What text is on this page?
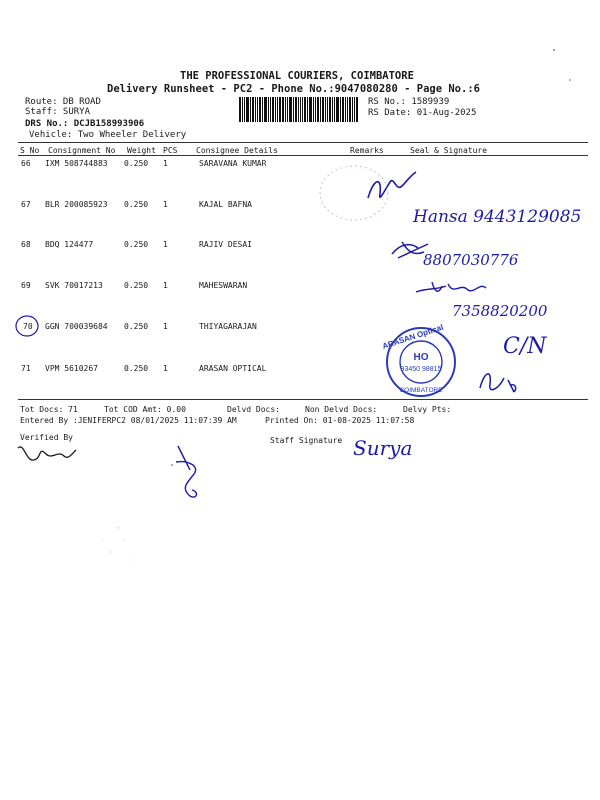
THE PROFESSIONAL COURIERS, COIMBATORE
Delivery Runsheet - PC2 - Phone No.:9047080280 - Page No.:6
Route: DB ROAD
Staff: SURYA
DRS No.: DCJB158993906
Vehicle: Two Wheeler Delivery
RS No.: 1589939
RS Date: 01-Aug-2025
S No Consignment No Weight PCS Consignee Details	Remarks	Seal & Signature
66 IXM 508744883 0.250 1	SARAVANA KUMAR
67 BLR 200085923 0.250 1	KAJAL BAFNA
68 BDQ 124477	0.250 1	RAJIV DESAI
69 SVK 70017213	0.250 1	MAHESWARAN
70 GGN 700039684 0.250 1	THIYAGARAJAN
71 VPM 5610267	0.250 1	ARASAN OPTICAL
Tot Docs: 71	Tot COD Amt: 0.00	Delvd Docs:	Non Delvd Docs:	Delvy Pts:
Entered By :JENIFERPC2 08/01/2025 11:07:39 AM	Printed On: 01-08-2025 11:07:58
Verified By	Staff Signature
Hansa 9443129085
8807030776
7358820200
C/N
Surya
ARASAN Optical
HO
93450 98815
COIMBATORE
